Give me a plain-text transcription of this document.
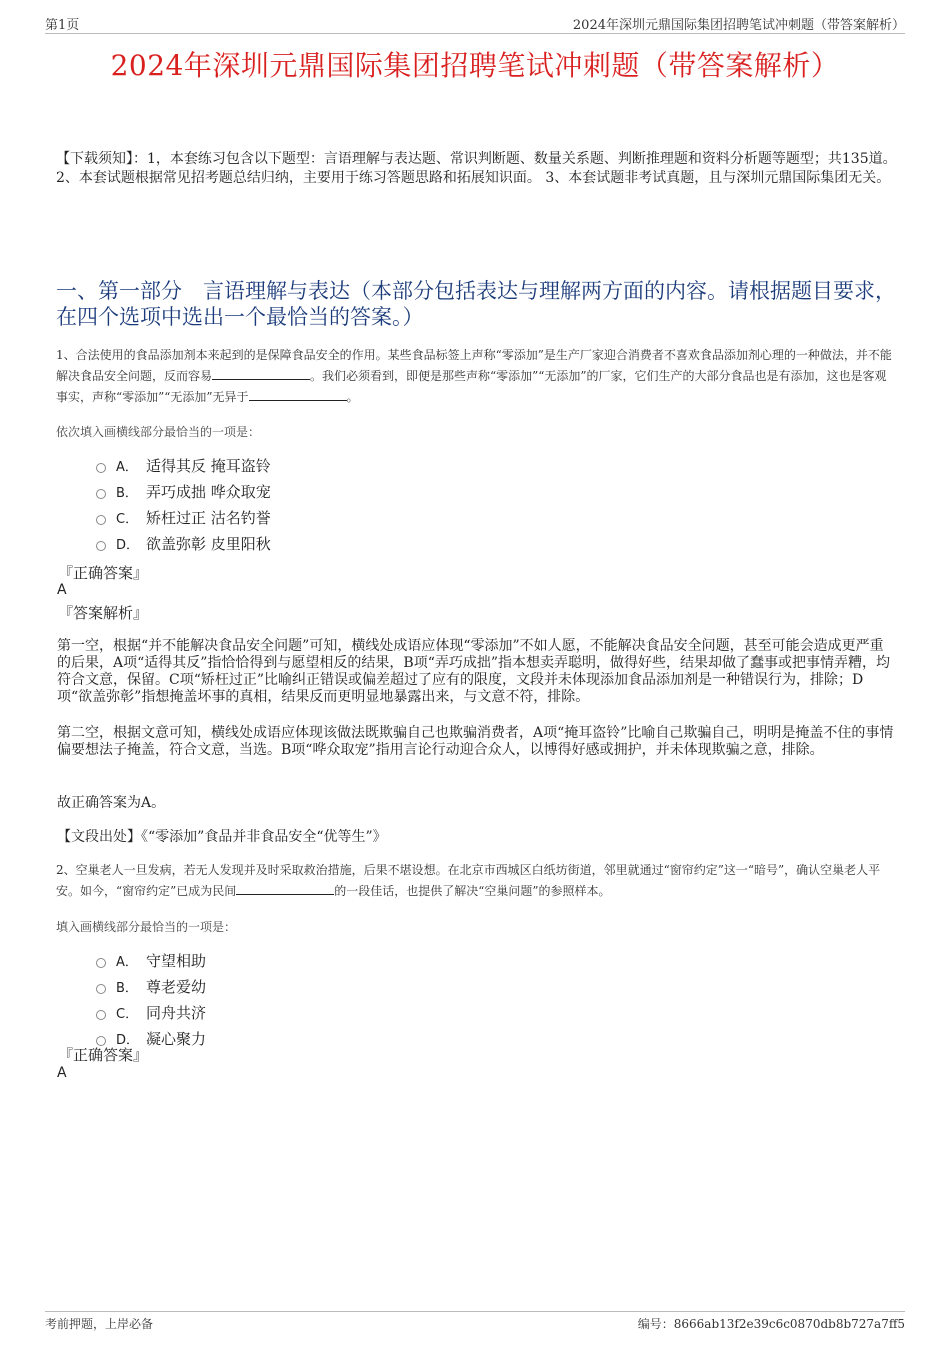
第1页	2024年深圳元鼎国际集团招聘笔试冲刺题（带答案解析）
2024年深圳元鼎国际集团招聘笔试冲刺题（带答案解析）
【下载须知】：1，本套练习包含以下题型：言语理解与表达题、常识判断题、数量关系题、判断推理题和资料分析题等题型；共135道。 2、本套试题根据常见招考题总结归纳，主要用于练习答题思路和拓展知识面。 3、本套试题非考试真题，且与深圳元鼎国际集团无关。
一、第一部分　言语理解与表达（本部分包括表达与理解两方面的内容。请根据题目要求，在四个选项中选出一个最恰当的答案。）
1、合法使用的食品添加剂本来起到的是保障食品安全的作用。某些食品标签上声称“零添加”是生产厂家迎合消费者不喜欢食品添加剂心理的一种做法，并不能解决食品安全问题，反而容易	。我们必须看到，即便是那些声称“零添加”“无添加”的厂家，它们生产的大部分食品也是有添加，这也是客观事实，声称“零添加”“无添加”无异于	。
依次填入画横线部分最恰当的一项是：
A． 适得其反 掩耳盗铃
B． 弄巧成拙 哗众取宠
C． 矫枉过正 沽名钓誉
D． 欲盖弥彰 皮里阳秋
『正确答案』
A
『答案解析』
第一空，根据“并不能解决食品安全问题”可知，横线处成语应体现“零添加”不如人愿，不能解决食品安全问题，甚至可能会造成更严重的后果，A项“适得其反”指恰恰得到与愿望相反的结果，B项“弄巧成拙”指本想卖弄聪明，做得好些，结果却做了蠢事或把事情弄糟，均符合文意，保留。C项“矫枉过正”比喻纠正错误或偏差超过了应有的限度，文段并未体现添加食品添加剂是一种错误行为，排除；D项“欲盖弥彰”指想掩盖坏事的真相，结果反而更明显地暴露出来，与文意不符，排除。
第二空，根据文意可知，横线处成语应体现该做法既欺骗自己也欺骗消费者，A项“掩耳盗铃”比喻自己欺骗自己，明明是掩盖不住的事情偏要想法子掩盖，符合文意，当选。B项“哗众取宠”指用言论行动迎合众人，以博得好感或拥护，并未体现欺骗之意，排除。
故正确答案为A。
【文段出处】《“零添加”食品并非食品安全“优等生”》
2、空巢老人一旦发病，若无人发现并及时采取救治措施，后果不堪设想。在北京市西城区白纸坊街道，邻里就通过“窗帘约定”这一“暗号”，确认空巢老人平安。如今，“窗帘约定”已成为民间	的一段佳话，也提供了解决“空巢问题”的参照样本。
填入画横线部分最恰当的一项是：
A． 守望相助
B． 尊老爱幼
C． 同舟共济
D． 凝心聚力
『正确答案』
A
考前押题，上岸必备	编号：8666ab13f2e39c6c0870db8b727a7ff5
